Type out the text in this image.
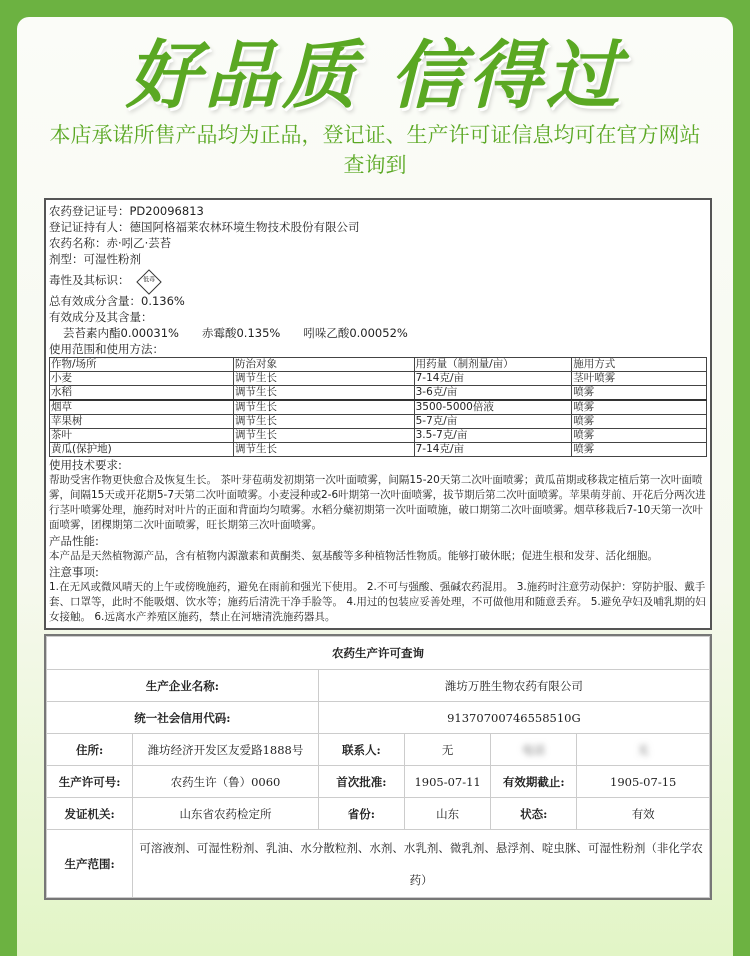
好品质 信得过
本店承诺所售产品均为正品，登记证、生产许可证信息均可在官方网站查询到
农药登记证号：PD20096813
登记证持有人：德国阿格福莱农林环境生物技术股份有限公司
农药名称：赤·吲乙·芸苔
剂型：可湿性粉剂
毒性及其标识： 低毒
总有效成分含量：0.136%
有效成分及其含量：
芸苔素内酯0.00031%　　赤霉酸0.135%　　吲哚乙酸0.00052%
使用范围和使用方法：
作物/场所	防治对象	用药量（制剂量/亩）	施用方式
小麦	调节生长	7-14克/亩	茎叶喷雾
水稻	调节生长	3-6克/亩	喷雾
烟草	调节生长	3500-5000倍液	喷雾
苹果树	调节生长	5-7克/亩	喷雾
茶叶	调节生长	3.5-7克/亩	喷雾
黄瓜(保护地)	调节生长	7-14克/亩	喷雾
使用技术要求:
帮助受害作物更快愈合及恢复生长。 茶叶芽苞萌发初期第一次叶面喷雾，间隔15-20天第二次叶面喷雾；黄瓜苗期或移栽定植后第一次叶面喷雾，间隔15天或开花期5-7天第二次叶面喷雾。小麦浸种或2-6叶期第一次叶面喷雾，拔节期后第二次叶面喷雾。苹果萌芽前、开花后分两次进行茎叶喷雾处理，施药时对叶片的正面和背面均匀喷雾。水稻分蘖初期第一次叶面喷施，破口期第二次叶面喷雾。烟草移栽后7-10天第一次叶面喷雾，团棵期第二次叶面喷雾，旺长期第三次叶面喷雾。
产品性能:
本产品是天然植物源产品，含有植物内源激素和黄酮类、氨基酸等多种植物活性物质。能够打破休眠；促进生根和发芽、活化细胞。
注意事项:
1.在无风或微风晴天的上午或傍晚施药，避免在雨前和强光下使用。 2.不可与强酸、强碱农药混用。 3.施药时注意劳动保护：穿防护服、戴手套、口罩等，此时不能吸烟、饮水等；施药后清洗干净手脸等。 4.用过的包装应妥善处理，不可做他用和随意丢弃。 5.避免孕妇及哺乳期的妇女接触。 6.远离水产养殖区施药，禁止在河塘清洗施药器具。
农药生产许可查询					
生产企业名称:		潍坊万胜生物农药有限公司			
统一社会信用代码:		91370700746558510G			
住所:	潍坊经济开发区友爱路1888号	联系人:	无	电话	无
生产许可号:	农药生许（鲁）0060	首次批准:	1905-07-11	有效期截止:	1905-07-15
发证机关:	山东省农药检定所	省份:	山东	状态:	有效
生产范围:	可溶液剂、可湿性粉剂、乳油、水分散粒剂、水剂、水乳剂、微乳剂、悬浮剂、啶虫脒、可湿性粉剂（非化学农药）				
